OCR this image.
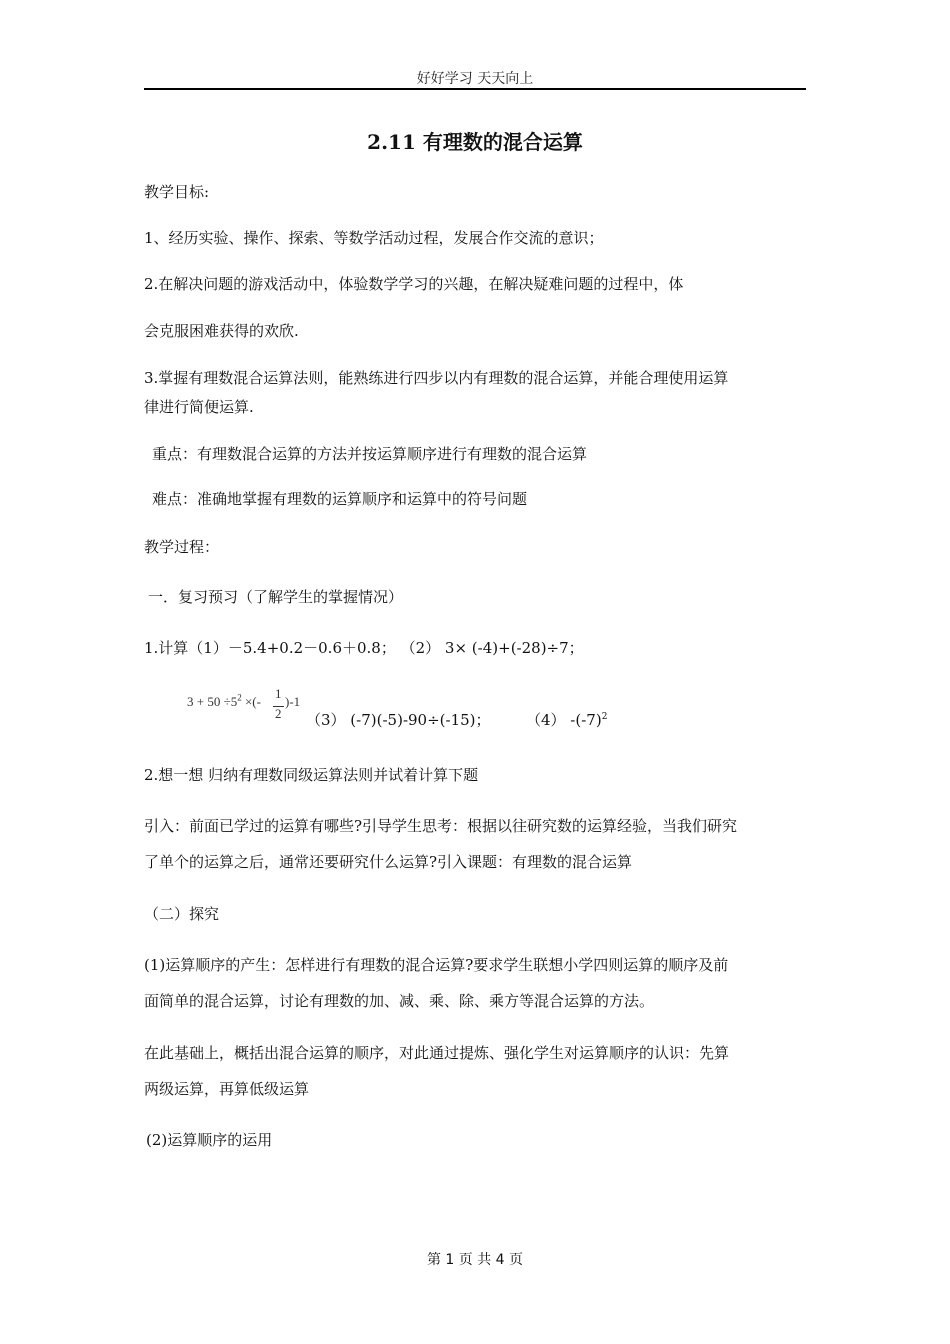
好好学习 天天向上
2.11 有理数的混合运算
教学目标:
1、经历实验、操作、探索、等数学活动过程，发展合作交流的意识；
2.在解决问题的游戏活动中，体验数学学习的兴趣，在解决疑难问题的过程中，体
会克服困难获得的欢欣.
3.掌握有理数混合运算法则，能熟练进行四步以内有理数的混合运算，并能合理使用运算
律进行简便运算.
重点：有理数混合运算的方法并按运算顺序进行有理数的混合运算
难点：准确地掌握有理数的运算顺序和运算中的符号问题
教学过程：
一．复习预习（了解学生的掌握情况）
1.计算（1）－5.4+0.2－0.6＋0.8； （2） 3× (-4)+(-28)÷7；
$3 + 50 \div 5^2$ ×(-
1
2
)-1
（3） (-7)(-5)-90÷(-15)； （4） $-(-7)^2$
2.想一想 归纳有理数同级运算法则并试着计算下题
引入：前面已学过的运算有哪些?引导学生思考：根据以往研究数的运算经验，当我们研究
了单个的运算之后，通常还要研究什么运算?引入课题：有理数的混合运算
（二）探究
(1)运算顺序的产生：怎样进行有理数的混合运算?要求学生联想小学四则运算的顺序及前
面简单的混合运算，讨论有理数的加、减、乘、除、乘方等混合运算的方法。
在此基础上，概括出混合运算的顺序，对此通过提炼、强化学生对运算顺序的认识：先算
两级运算，再算低级运算
(2)运算顺序的运用
第 1 页 共 4 页
